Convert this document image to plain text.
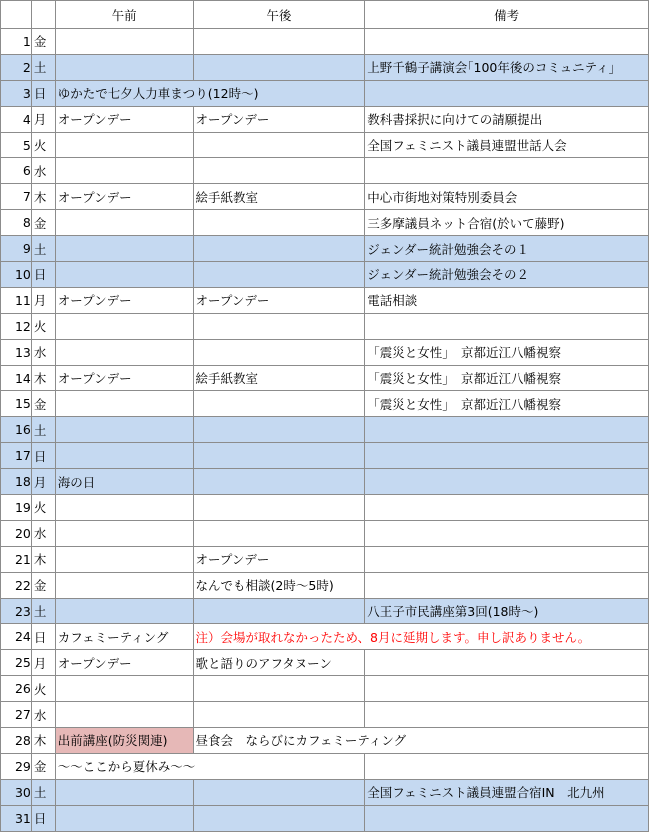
		午前	午後	備考
1	金			
2	土			上野千鶴子講演会｢100年後のコミュニティ｣
3	日	ゆかたで七夕人力車まつり(12時～)		
4	月	オープンデー	オープンデー	教科書採択に向けての請願提出
5	火			全国フェミニスト議員連盟世話人会
6	水			
7	木	オープンデー	絵手紙教室	中心市街地対策特別委員会
8	金			三多摩議員ネット合宿(於いて藤野)
9	土			ジェンダー統計勉強会その１
10	日			ジェンダー統計勉強会その２
11	月	オープンデー	オープンデー	電話相談
12	火			
13	水			「震災と女性」　京都近江八幡視察
14	木	オープンデー	絵手紙教室	「震災と女性」　京都近江八幡視察
15	金			「震災と女性」　京都近江八幡視察
16	土			
17	日			
18	月	海の日		
19	火			
20	水			
21	木		オープンデー	
22	金		なんでも相談(2時～5時)	
23	土			八王子市民講座第3回(18時～)
24	日	カフェミーティング	注）会場が取れなかったため、8月に延期します。申し訳ありません。	
25	月	オープンデー	歌と語りのアフタヌーン	
26	火			
27	水			
28	木	出前講座(防災関連)	昼食会　ならびにカフェミーティング	
29	金	～～ここから夏休み～～		
30	土			全国フェミニスト議員連盟合宿IN　北九州
31	日			
